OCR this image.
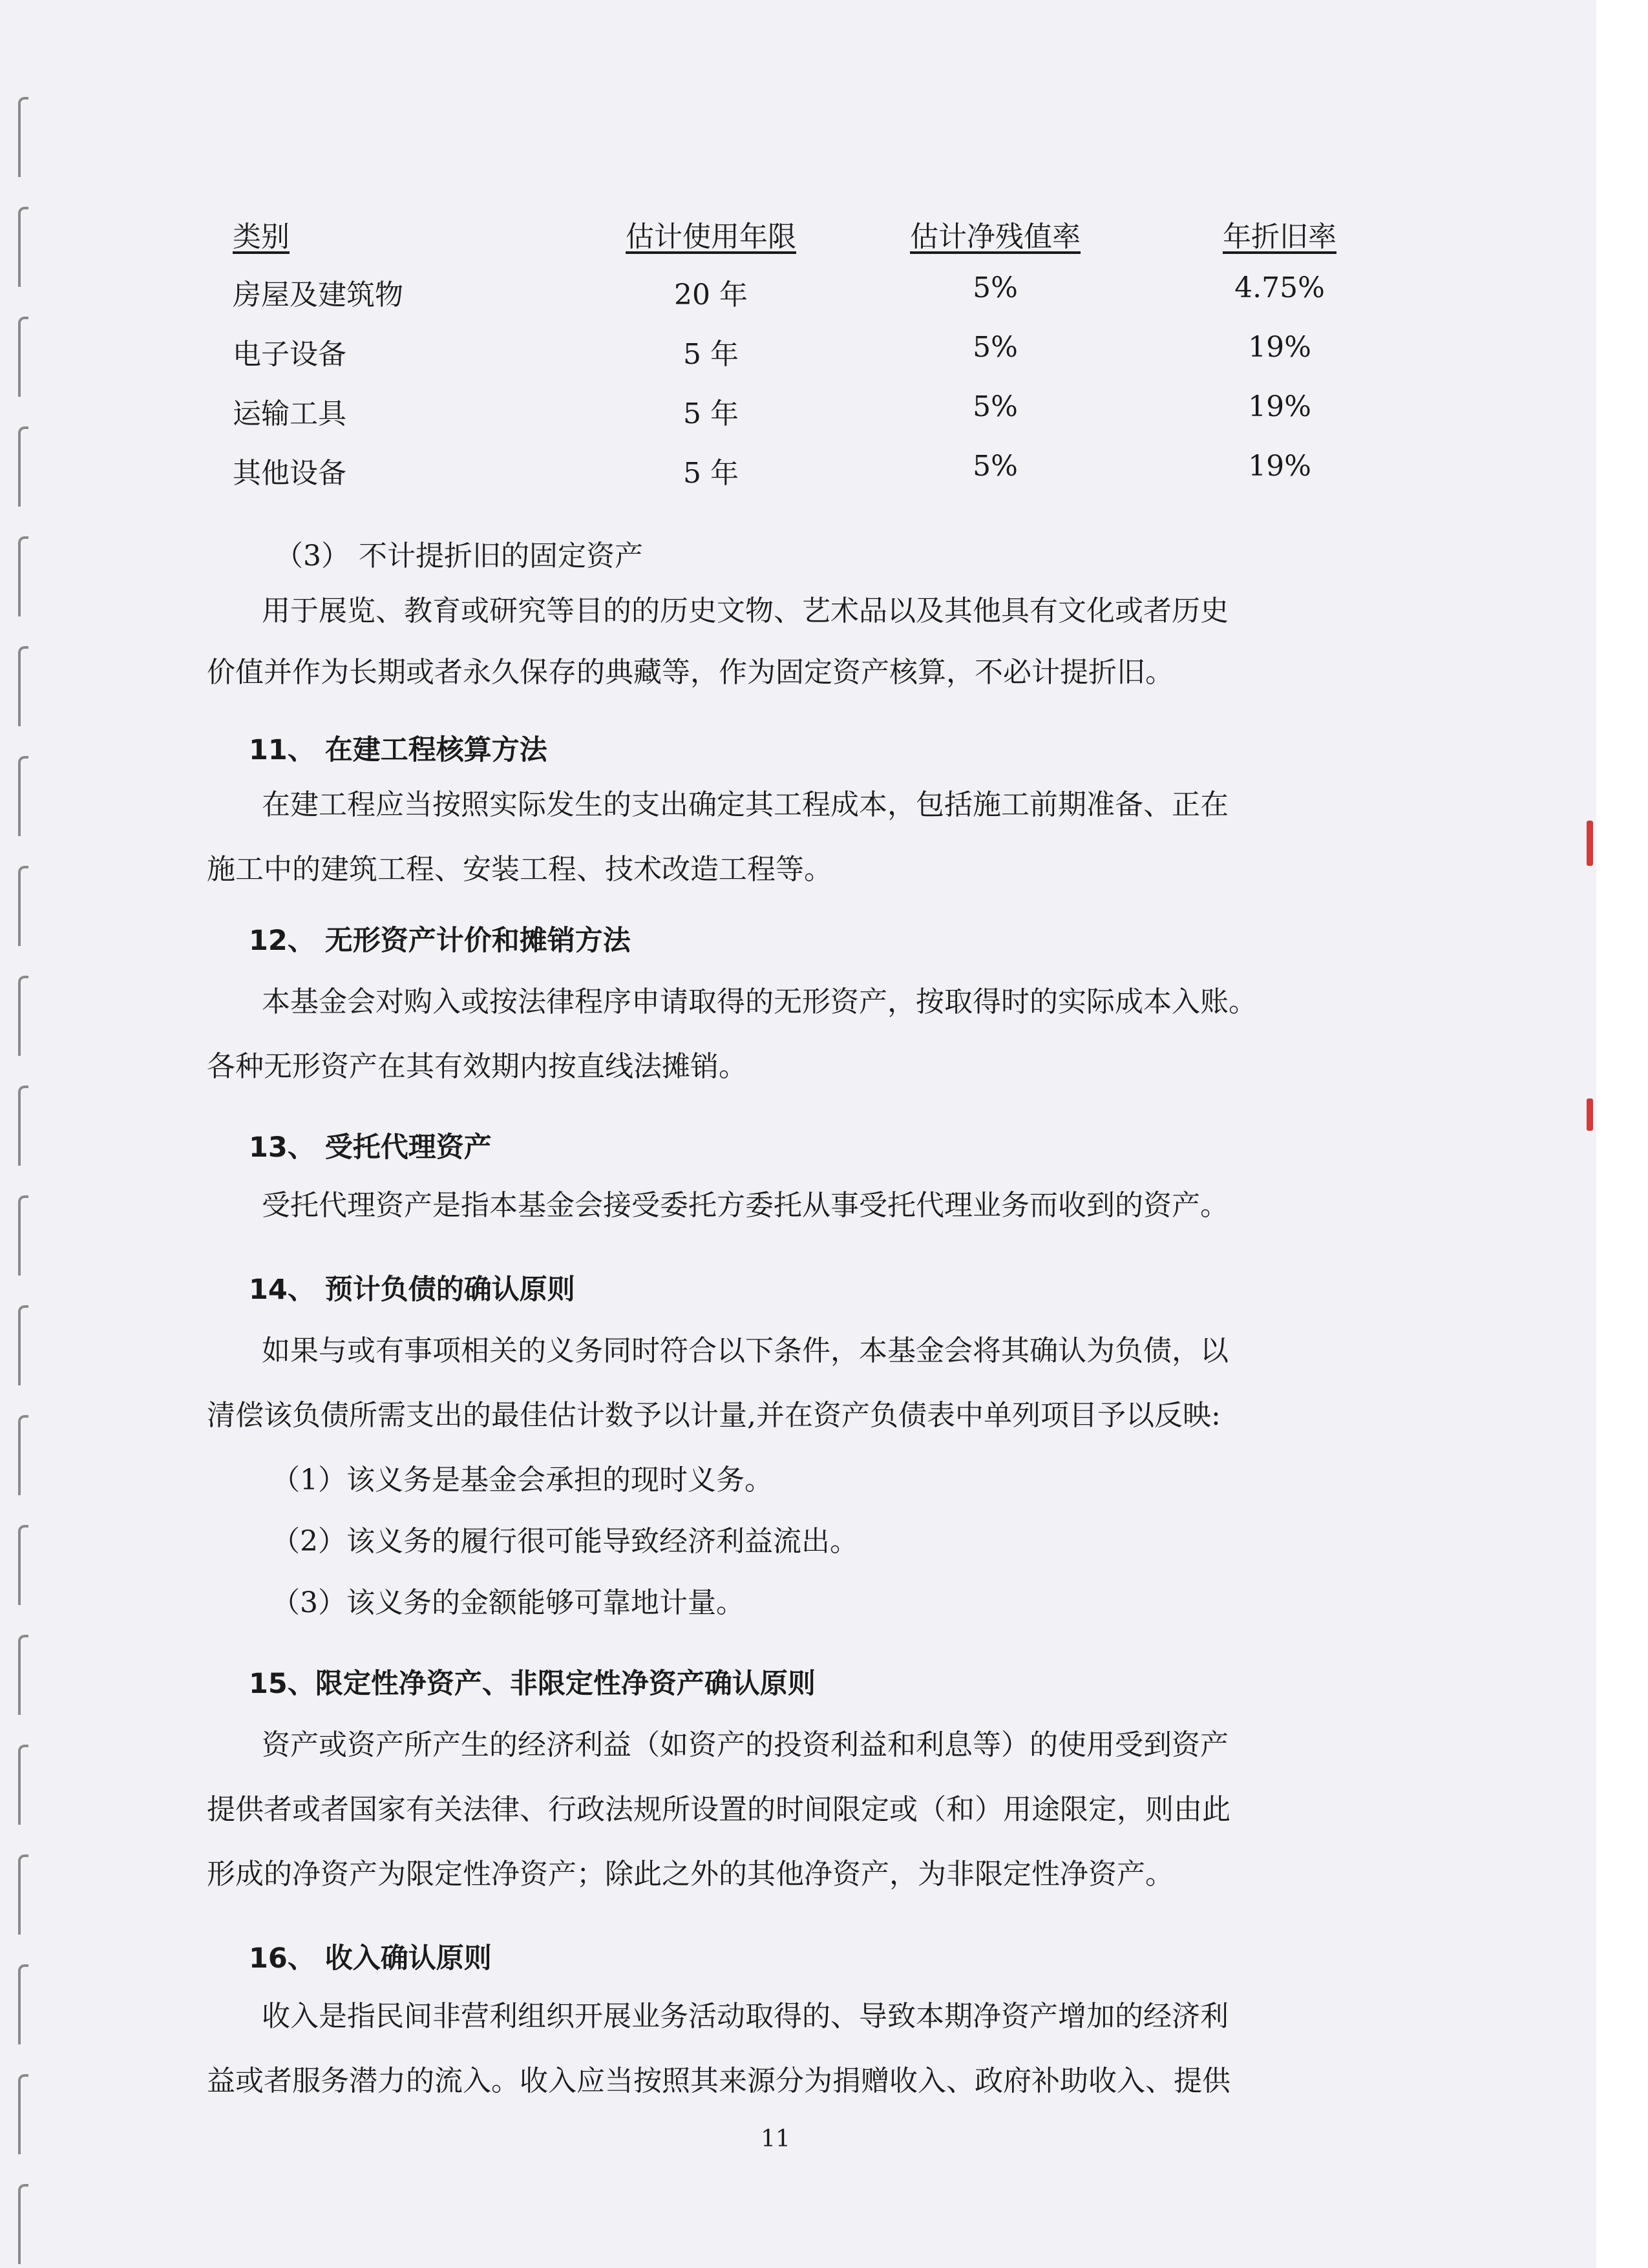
类别	估计使用年限	估计净残值率	年折旧率
房屋及建筑物	20 年	5%	4.75%
电子设备	5 年	5%	19%
运输工具	5 年	5%	19%
其他设备	5 年	5%	19%
（3） 不计提折旧的固定资产
用于展览、教育或研究等目的的历史文物、艺术品以及其他具有文化或者历史
价值并作为长期或者永久保存的典藏等，作为固定资产核算，不必计提折旧。
11、 在建工程核算方法
在建工程应当按照实际发生的支出确定其工程成本，包括施工前期准备、正在
施工中的建筑工程、安装工程、技术改造工程等。
12、 无形资产计价和摊销方法
本基金会对购入或按法律程序申请取得的无形资产，按取得时的实际成本入账。
各种无形资产在其有效期内按直线法摊销。
13、 受托代理资产
受托代理资产是指本基金会接受委托方委托从事受托代理业务而收到的资产。
14、 预计负债的确认原则
如果与或有事项相关的义务同时符合以下条件，本基金会将其确认为负债，以
清偿该负债所需支出的最佳估计数予以计量,并在资产负债表中单列项目予以反映:
（1）该义务是基金会承担的现时义务。
（2）该义务的履行很可能导致经济利益流出。
（3）该义务的金额能够可靠地计量。
15、限定性净资产、非限定性净资产确认原则
资产或资产所产生的经济利益（如资产的投资利益和利息等）的使用受到资产
提供者或者国家有关法律、行政法规所设置的时间限定或（和）用途限定，则由此
形成的净资产为限定性净资产；除此之外的其他净资产，为非限定性净资产。
16、 收入确认原则
收入是指民间非营利组织开展业务活动取得的、导致本期净资产增加的经济利
益或者服务潜力的流入。收入应当按照其来源分为捐赠收入、政府补助收入、提供
11
